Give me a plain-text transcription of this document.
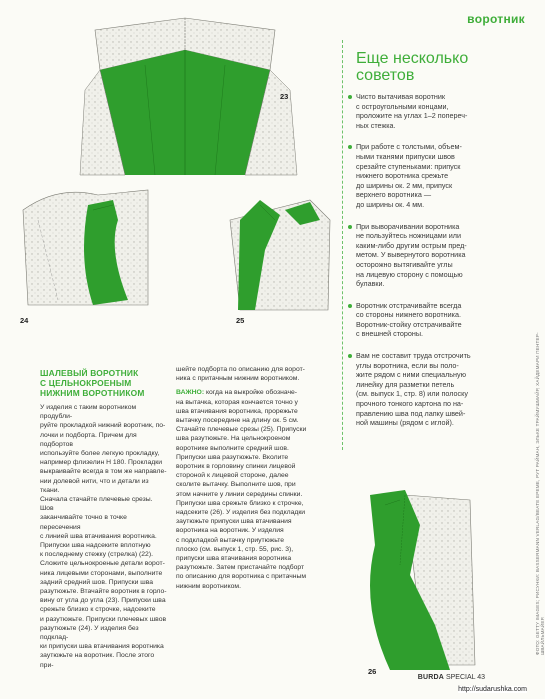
воротник
23
24	25
26
Еще несколько
советов

Чисто вытачивая воротник

с остроугольными концами,

проложите на углах 1–2 попереч-

ных стежка.

При работе с толстыми, объем-

ными тканями припуски швов

срезайте ступеньками: припуск

нижнего воротника срежьте

до ширины ок. 2 мм, припуск

верхнего воротника —

до ширины ок. 4 мм.

При выворачивании воротника

не пользуйтесь ножницами или

каким-либо другим острым пред-

метом. У вывернутого воротника

осторожно вытягивайте углы

на лицевую сторону с помощью

булавки.

Воротник отстрачивайте всегда

со стороны нижнего воротника.

Воротник-стойку отстрачивайте

с внешней стороны.

Вам не составит труда отстрочить

углы воротника, если вы поло-

жите рядом с ними специальную

линейку для разметки петель

(см. выпуск 1, стр. 8) или полоску

прочного тонкого картона по на-

правлению шва под лапку швей-

ной машины (рядом с иглой).	ФОТО: GETTY IMAGES; РИСУНКИ: BASSERMANN VERLAG/BEATE ЕРЕМЕ, РУТ РАЙМАН, ЭЛЬКЕ ТРАЙМУШМАЙР, ХАЙДЕМАРИ ПЕНТЕР-ШВАЙЛЬМАЙЕР.
ШАЛЕВЫЙ ВОРОТНИК
С ЦЕЛЬНОКРОЕНЫМ
НИЖНИМ ВОРОТНИКОМ

У изделия с таким воротником продубли-

руйте прокладкой нижний воротник, по-

лочки и подборта. Причем для подбортов

используйте более легкую прокладку,

например флизелин H 180. Прокладки

выкраивайте всегда в том же направле-

нии долевой нити, что и детали из ткани.

Сначала стачайте плечевые срезы. Шов

заканчивайте точно в точке пересечения

с линией шва втачивания воротника.

Припуски шва надсеките вплотную

к последнему стежку (стрелка) (22).

Сложите цельнокроеные детали ворот-

ника лицевыми сторонами, выполните

задний средний шов. Припуски шва

разутюжьте. Втачайте воротник в горло-

вину от угла до угла (23). Припуски шва

срежьте близко к строчке, надсеките

и разутюжьте. Припуски плечевых швов

разутюжьте (24). У изделия без подклад-

ки припуски шва втачивания воротника

заутюжьте на воротник. После этого при-

шейте подборта по описанию для ворот-

ника с притачным нижним воротником.

ВАЖНО: когда на выкройке обозначе-

на вытачка, которая кончается точно у

шва втачивания воротника, прорежьте

вытачку посередине на длину ок. 5 см.

Стачайте плечевые срезы (25). Припуски

шва разутюжьте. На цельнокроеном

воротнике выполните средний шов.

Припуски шва разутюжьте. Вколите

воротник в горловину спинки лицевой

стороной к лицевой стороне, далее

сколите вытачку. Выполните шов, при

этом начните у линии середины спинки.

Припуски шва срежьте близко к строчке,

надсеките (26). У изделия без подкладки

заутюжьте припуски шва втачивания

воротника на воротник. У изделия

с подкладкой вытачку приутюжьте

плоско (см. выпуск 1, стр. 55, рис. 3),

припуски шва втачивания воротника

разутюжьте. Затем пристачайте подборт

по описанию для воротника с притачным

нижним воротником.

BURDA SPECIAL 43
http://sudarushka.com
